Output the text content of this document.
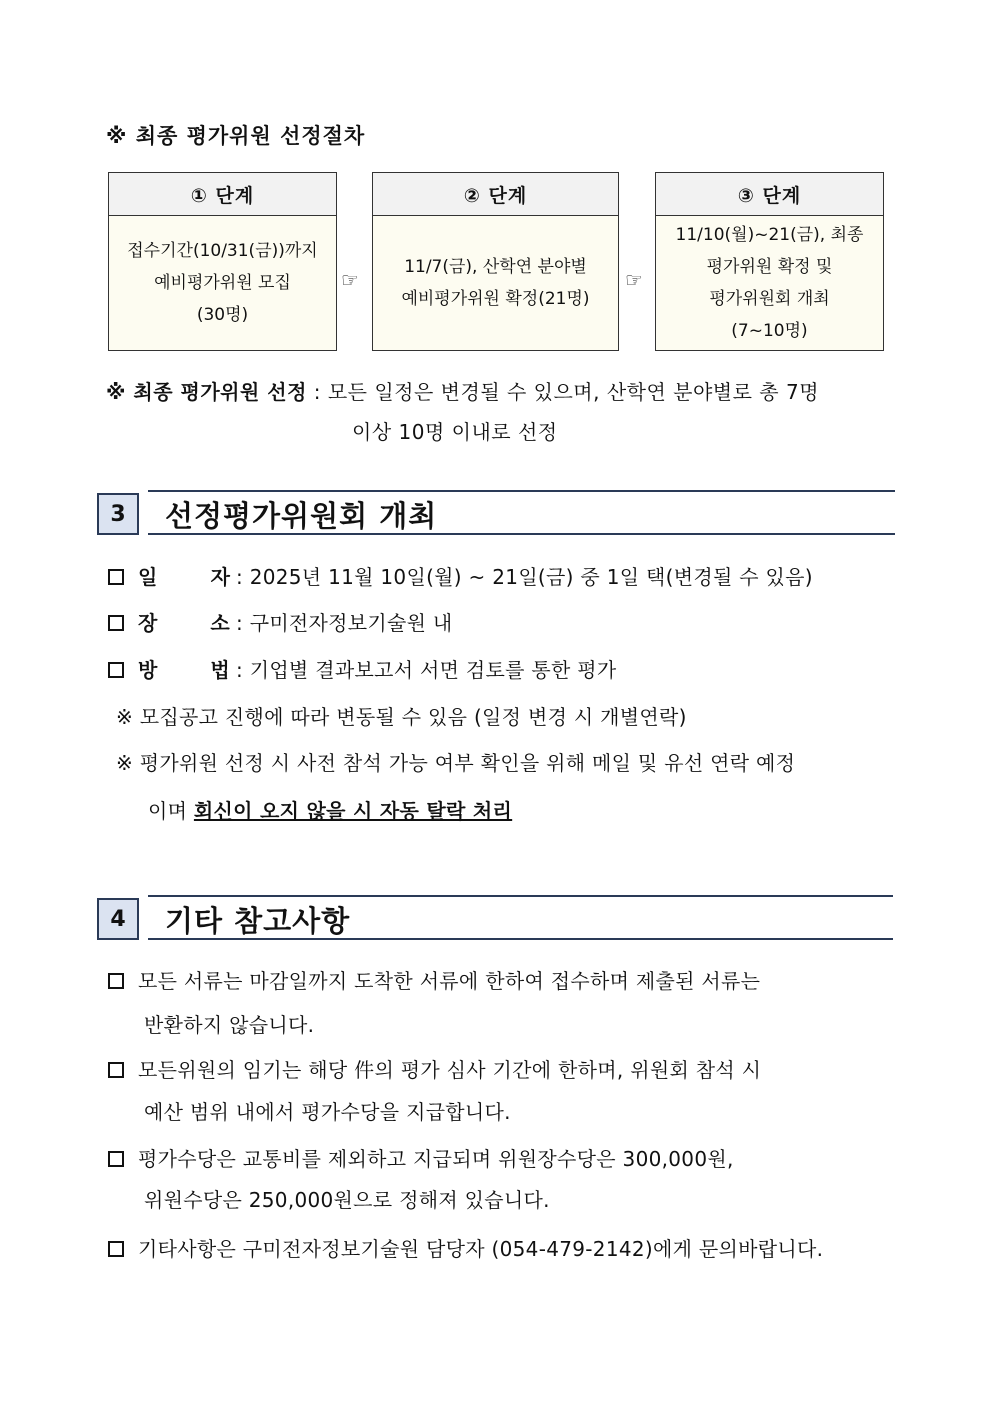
※ 최종 평가위원 선정절차
① 단계
접수기간(10/31(금))까지
예비평가위원 모집
(30명)
☞
② 단계
11/7(금), 산학연 분야별
예비평가위원 확정(21명)
☞
③ 단계
11/10(월)~21(금), 최종
평가위원 확정 및
평가위원회 개최
(7~10명)
※ 최종 평가위원 선정 : 모든 일정은 변경될 수 있으며, 산학연 분야별로 총 7명
이상 10명 이내로 선정
3	선정평가위원회 개최
일	자 : 2025년 11월 10일(월) ~ 21일(금) 중 1일 택(변경될 수 있음)
장	소 : 구미전자정보기술원 내
방	법 : 기업별 결과보고서 서면 검토를 통한 평가
※ 모집공고 진행에 따라 변동될 수 있음 (일정 변경 시 개별연락)
※ 평가위원 선정 시 사전 참석 가능 여부 확인을 위해 메일 및 유선 연락 예정
이며 회신이 오지 않을 시 자동 탈락 처리
4	기타 참고사항
모든 서류는 마감일까지 도착한 서류에 한하여 접수하며 제출된 서류는
반환하지 않습니다.
모든위원의 임기는 해당 件의 평가 심사 기간에 한하며, 위원회 참석 시
예산 범위 내에서 평가수당을 지급합니다.
평가수당은 교통비를 제외하고 지급되며 위원장수당은 300,000원,
위원수당은 250,000원으로 정해져 있습니다.
기타사항은 구미전자정보기술원 담당자 (054-479-2142)에게 문의바랍니다.
